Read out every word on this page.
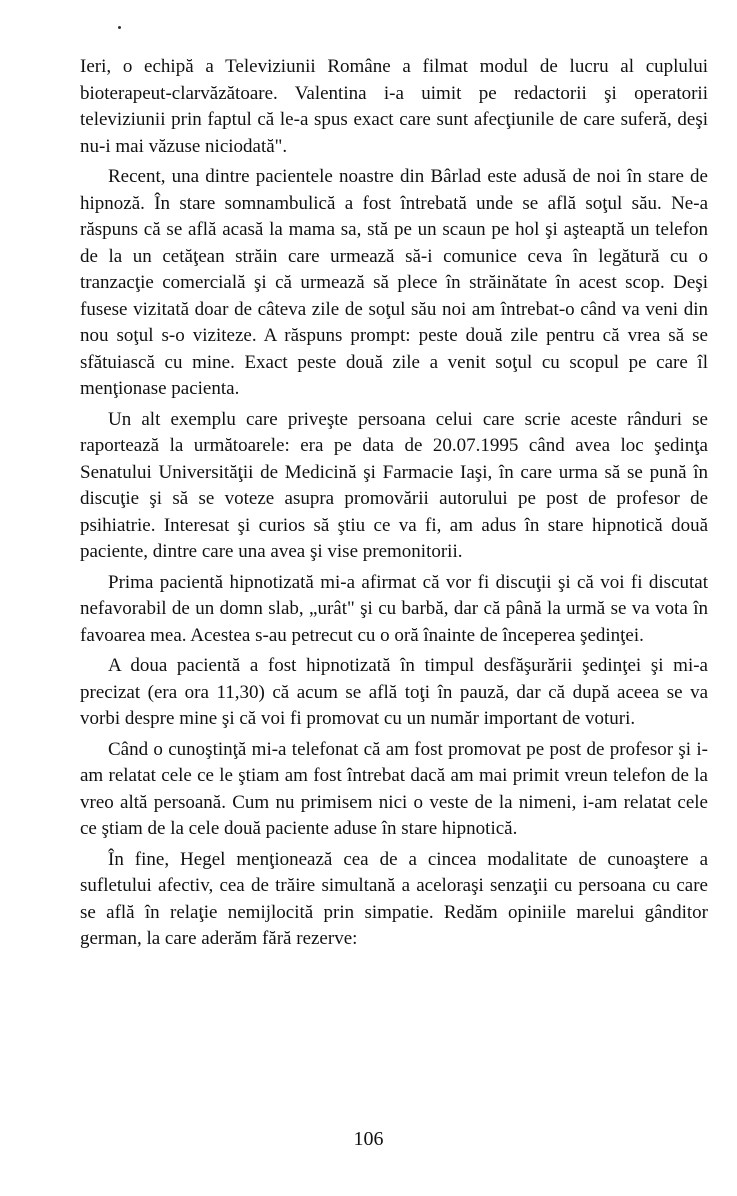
Ieri, o echipă a Televiziunii Române a filmat modul de lucru al cuplului bioterapeut-clarvăzătoare. Valentina i-a uimit pe redactorii şi operatorii televiziunii prin faptul că le-a spus exact care sunt afecţiunile de care suferă, deşi nu-i mai văzuse niciodată".

Recent, una dintre pacientele noastre din Bârlad este adusă de noi în stare de hipnoză. În stare somnambulică a fost întrebată unde se află soţul său. Ne-a răspuns că se află acasă la mama sa, stă pe un scaun pe hol şi aşteaptă un telefon de la un cetăţean străin care urmează să-i comunice ceva în legătură cu o tranzacţie comercială şi că urmează să plece în străinătate în acest scop. Deşi fusese vizitată doar de câteva zile de soţul său noi am întrebat-o când va veni din nou soţul s-o viziteze. A răspuns prompt: peste două zile pentru că vrea să se sfătuiască cu mine. Exact peste două zile a venit soţul cu scopul pe care îl menţionase pacienta.

Un alt exemplu care priveşte persoana celui care scrie aceste rânduri se raportează la următoarele: era pe data de 20.07.1995 când avea loc şedinţa Senatului Universităţii de Medicină şi Farmacie Iaşi, în care urma să se pună în discuţie şi să se voteze asupra promovării autorului pe post de profesor de psihiatrie. Interesat şi curios să ştiu ce va fi, am adus în stare hipnotică două paciente, dintre care una avea şi vise premonitorii.

Prima pacientă hipnotizată mi-a afirmat că vor fi discuţii şi că voi fi discutat nefavorabil de un domn slab, „urât" şi cu barbă, dar că până la urmă se va vota în favoarea mea. Acestea s-au petrecut cu o oră înainte de începerea şedinţei.

A doua pacientă a fost hipnotizată în timpul desfăşurării şedinţei şi mi-a precizat (era ora 11,30) că acum se află toţi în pauză, dar că după aceea se va vorbi despre mine şi că voi fi promovat cu un număr important de voturi.

Când o cunoştinţă mi-a telefonat că am fost promovat pe post de profesor şi i-am relatat cele ce le ştiam am fost întrebat dacă am mai primit vreun telefon de la vreo altă persoană. Cum nu primisem nici o veste de la nimeni, i-am relatat cele ce ştiam de la cele două paciente aduse în stare hipnotică.

În fine, Hegel menţionează cea de a cincea modalitate de cunoaştere a sufletului afectiv, cea de trăire simultană a aceloraşi senzaţii cu persoana cu care se află în relaţie nemijlocită prin simpatie. Redăm opiniile marelui gânditor german, la care aderăm fără rezerve:

106
